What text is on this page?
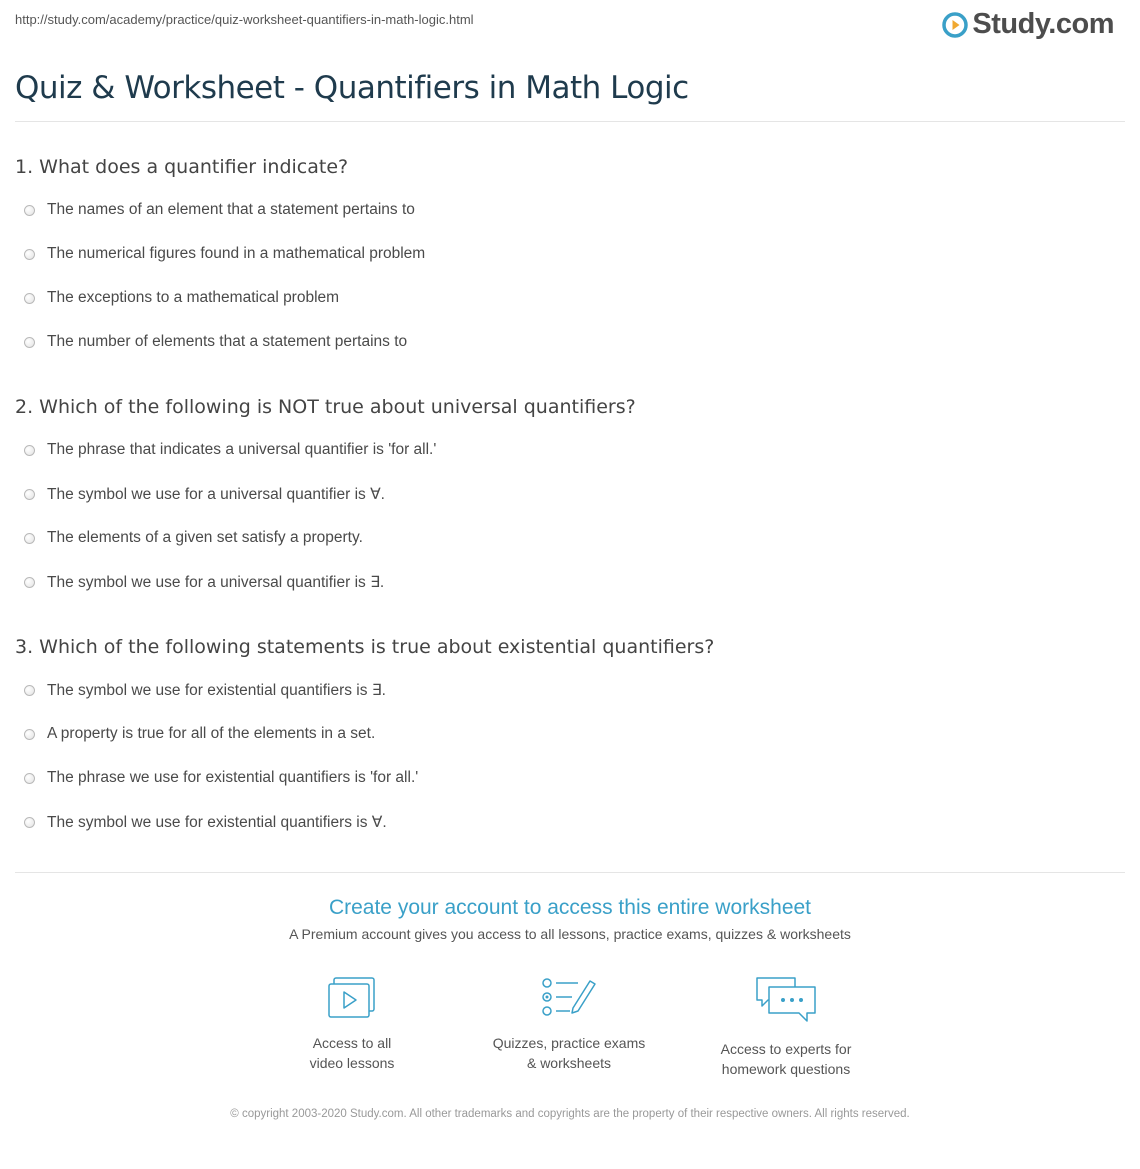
http://study.com/academy/practice/quiz-worksheet-quantifiers-in-math-logic.html	Study.com
Quiz & Worksheet - Quantifiers in Math Logic
1. What does a quantifier indicate?
The names of an element that a statement pertains to
The numerical figures found in a mathematical problem
The exceptions to a mathematical problem
The number of elements that a statement pertains to
2. Which of the following is NOT true about universal quantifiers?
The phrase that indicates a universal quantifier is 'for all.'
The symbol we use for a universal quantifier is ∀.
The elements of a given set satisfy a property.
The symbol we use for a universal quantifier is ∃.
3. Which of the following statements is true about existential quantifiers?
The symbol we use for existential quantifiers is ∃.
A property is true for all of the elements in a set.
The phrase we use for existential quantifiers is 'for all.'
The symbol we use for existential quantifiers is ∀.
Create your account to access this entire worksheet
A Premium account gives you access to all lessons, practice exams, quizzes & worksheets
Access to all
video lessons
Quizzes, practice exams
& worksheets
Access to experts for
homework questions
© copyright 2003-2020 Study.com. All other trademarks and copyrights are the property of their respective owners. All rights reserved.
